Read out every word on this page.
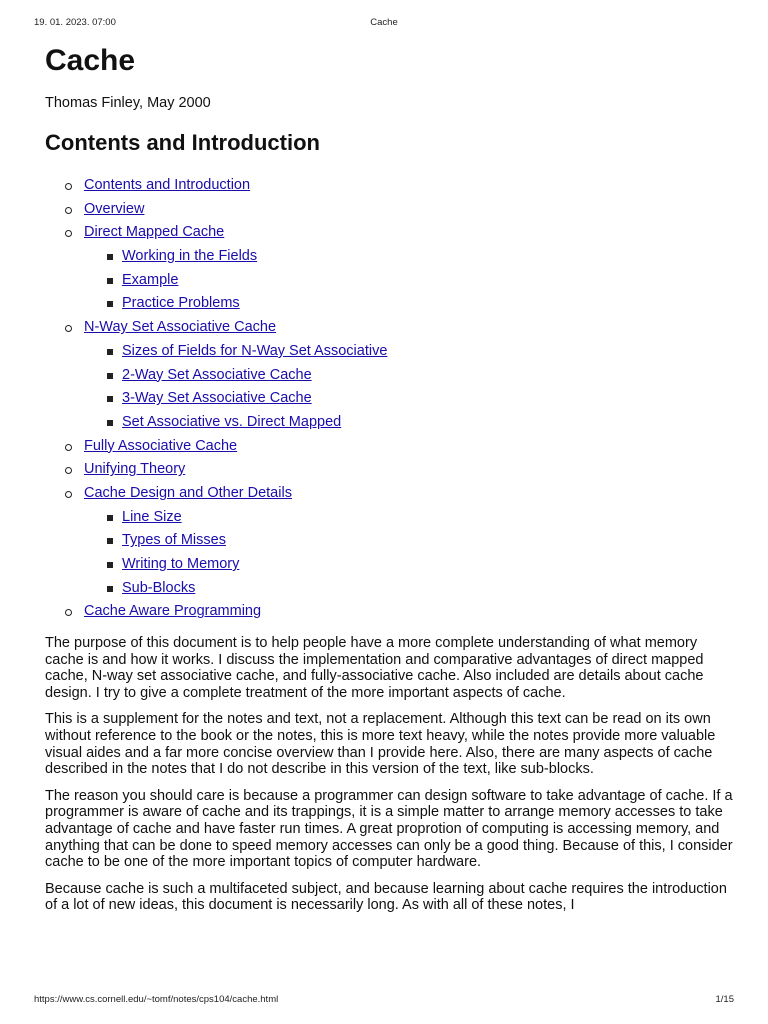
19. 01. 2023. 07:00	Cache
Cache

Thomas Finley, May 2000

Contents and Introduction
Contents and Introduction
Overview
Direct Mapped Cache
Working in the Fields
Example
Practice Problems
N-Way Set Associative Cache
Sizes of Fields for N-Way Set Associative
2-Way Set Associative Cache
3-Way Set Associative Cache
Set Associative vs. Direct Mapped
Fully Associative Cache
Unifying Theory
Cache Design and Other Details
Line Size
Types of Misses
Writing to Memory
Sub-Blocks
Cache Aware Programming

The purpose of this document is to help people have a more complete understanding of what memory cache is and how it works. I discuss the implementation and comparative advantages of direct mapped cache, N-way set associative cache, and fully-associative cache. Also included are details about cache design. I try to give a complete treatment of the more important aspects of cache.

This is a supplement for the notes and text, not a replacement. Although this text can be read on its own without reference to the book or the notes, this is more text heavy, while the notes provide more valuable visual aides and a far more concise overview than I provide here. Also, there are many aspects of cache described in the notes that I do not describe in this version of the text, like sub-blocks.

The reason you should care is because a programmer can design software to take advantage of cache. If a programmer is aware of cache and its trappings, it is a simple matter to arrange memory accesses to take advantage of cache and have faster run times. A great proprotion of computing is accessing memory, and anything that can be done to speed memory accesses can only be a good thing. Because of this, I consider cache to be one of the more important topics of computer hardware.

Because cache is such a multifaceted subject, and because learning about cache requires the introduction of a lot of new ideas, this document is necessarily long. As with all of these notes, I

https://www.cs.cornell.edu/~tomf/notes/cps104/cache.html	1/15
